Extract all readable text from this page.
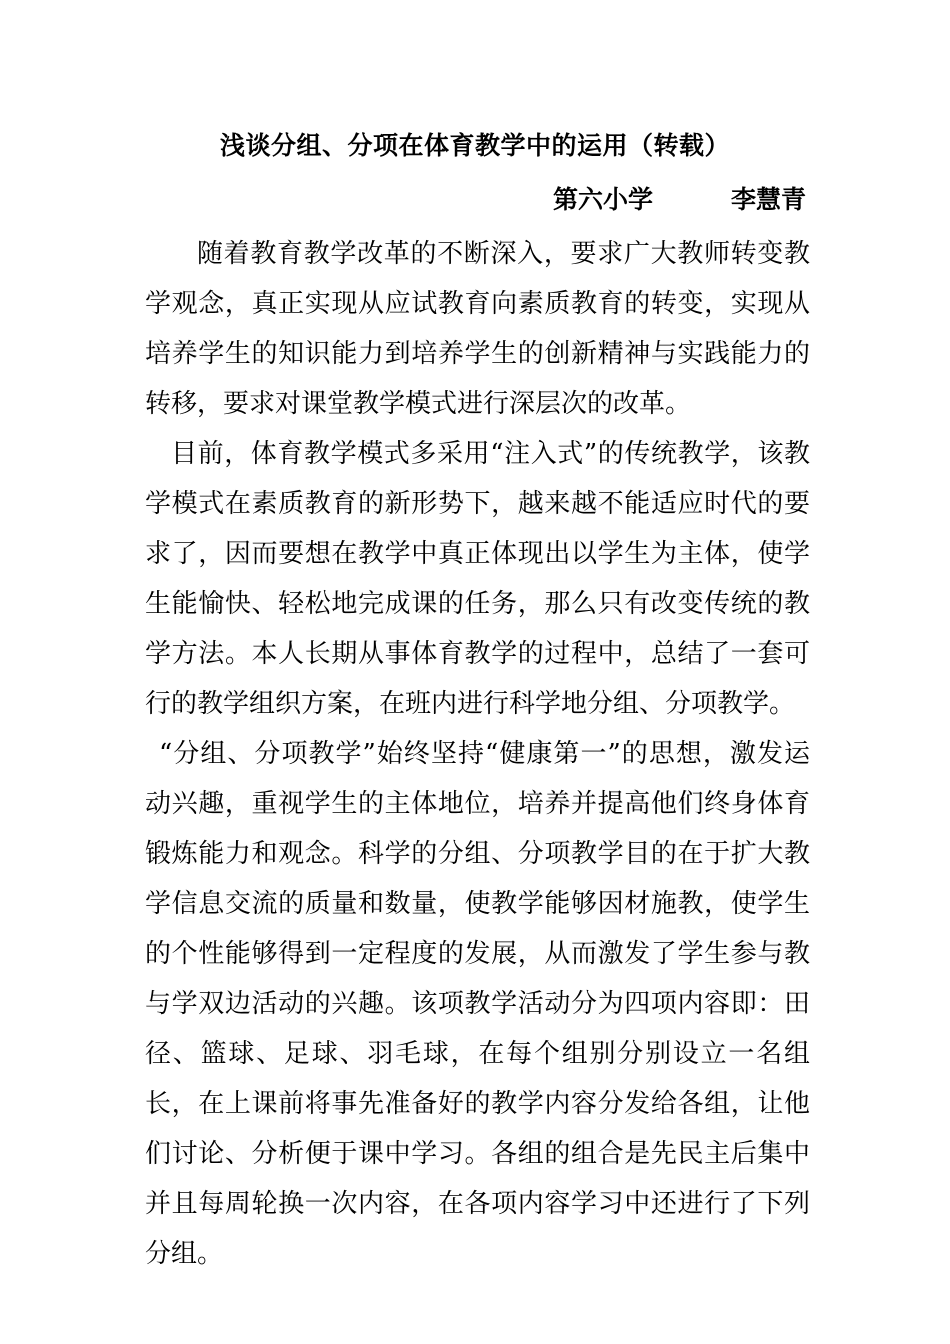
浅谈分组、分项在体育教学中的运用（转载）
第六小学	李慧青

随着教育教学改革的不断深入，要求广大教师转变教学观念，真正实现从应试教育向素质教育的转变，实现从培养学生的知识能力到培养学生的创新精神与实践能力的转移，要求对课堂教学模式进行深层次的改革。

目前，体育教学模式多采用“注入式”的传统教学，该教学模式在素质教育的新形势下，越来越不能适应时代的要求了，因而要想在教学中真正体现出以学生为主体，使学生能愉快、轻松地完成课的任务，那么只有改变传统的教学方法。本人长期从事体育教学的过程中，总结了一套可行的教学组织方案，在班内进行科学地分组、分项教学。

“分组、分项教学”始终坚持“健康第一”的思想，激发运动兴趣，重视学生的主体地位，培养并提高他们终身体育锻炼能力和观念。科学的分组、分项教学目的在于扩大教学信息交流的质量和数量，使教学能够因材施教，使学生的个性能够得到一定程度的发展，从而激发了学生参与教与学双边活动的兴趣。该项教学活动分为四项内容即：田径、篮球、足球、羽毛球，在每个组别分别设立一名组长，在上课前将事先准备好的教学内容分发给各组，让他们讨论、分析便于课中学习。各组的组合是先民主后集中并且每周轮换一次内容，在各项内容学习中还进行了下列分组。
